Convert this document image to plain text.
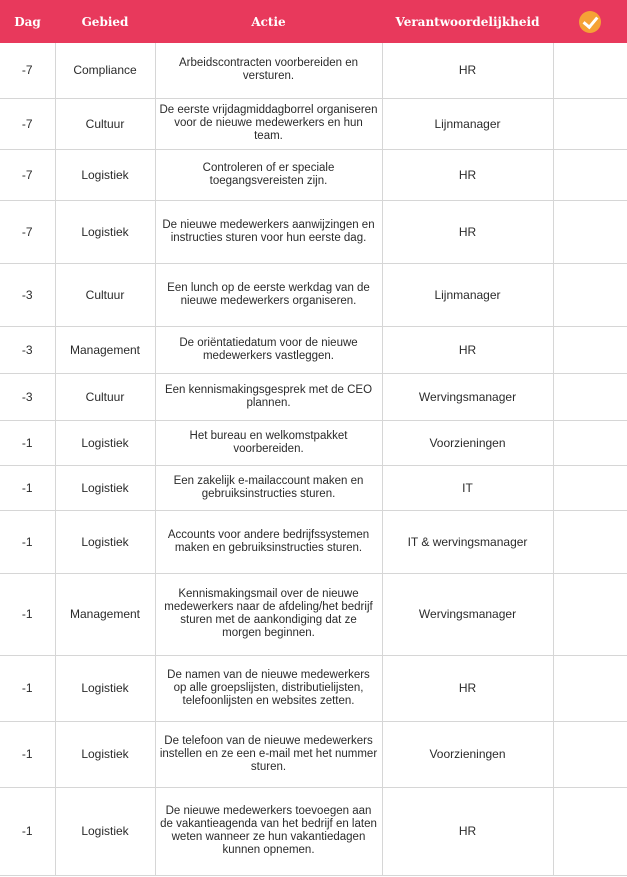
Dag	Gebied	Actie	Verantwoordelijkheid	
-7	Compliance	Arbeidscontracten voorbereiden en versturen.	HR	
-7	Cultuur	De eerste vrijdagmiddagborrel organiseren voor de nieuwe medewerkers en hun team.	Lijnmanager	
-7	Logistiek	Controleren of er speciale toegangsvereisten zijn.	HR	
-7	Logistiek	De nieuwe medewerkers aanwijzingen en instructies sturen voor hun eerste dag.	HR	
-3	Cultuur	Een lunch op de eerste werkdag van de nieuwe medewerkers organiseren.	Lijnmanager	
-3	Management	De oriëntatiedatum voor de nieuwe medewerkers vastleggen.	HR	
-3	Cultuur	Een kennismakingsgesprek met de CEO plannen.	Wervingsmanager	
-1	Logistiek	Het bureau en welkomstpakket voorbereiden.	Voorzieningen	
-1	Logistiek	Een zakelijk e-mailaccount maken en gebruiksinstructies sturen.	IT	
-1	Logistiek	Accounts voor andere bedrijfssystemen maken en gebruiksinstructies sturen.	IT & wervingsmanager	
-1	Management	Kennismakingsmail over de nieuwe medewerkers naar de afdeling/het bedrijf sturen met de aankondiging dat ze morgen beginnen.	Wervingsmanager	
-1	Logistiek	De namen van de nieuwe medewerkers op alle groepslijsten, distributielijsten, telefoonlijsten en websites zetten.	HR	
-1	Logistiek	De telefoon van de nieuwe medewerkers instellen en ze een e-mail met het nummer sturen.	Voorzieningen	
-1	Logistiek	De nieuwe medewerkers toevoegen aan de vakantieagenda van het bedrijf en laten weten wanneer ze hun vakantiedagen kunnen opnemen.	HR	
